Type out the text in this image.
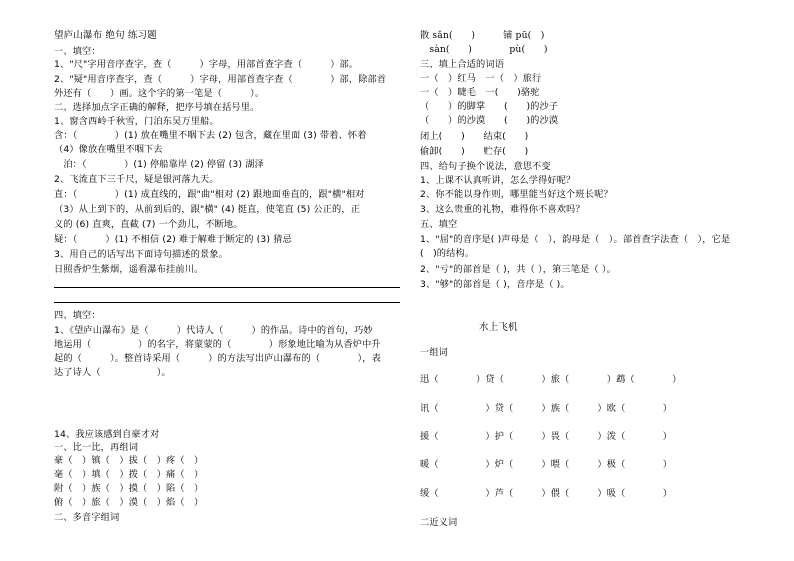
望庐山瀑布 绝句 练习题
一、填空：
1、"尺"字用音序查字，查（　　　）字母，用部首查字查（　　　）部。
2、"疑"用音序查字，查（　　　）字母，用部首查字查（　　　　）部，除部首
外还有（　　）画。这个字的第一笔是（　　　）。
二、选择加点字正确的解释，把序号填在括号里。
1、窗含西岭千秋雪，门泊东吴万里船。
含：（　　　　）(1) 放在嘴里不咽下去 (2) 包含，藏在里面 (3) 带着、怀着
（4）像放在嘴里不咽下去
　泊：（　　　　）(1) 停船靠岸 (2) 停留 (3) 湖泽
2、飞流直下三千尺，疑是银河落九天。
直：（　　　　）(1) 成直线的，跟"曲"相对 (2) 跟地面垂直的，跟"横"相对
（3）从上到下的，从前到后的，跟"横" (4) 挺直，使笔直 (5) 公正的，正
义的 (6) 直爽，直截 (7) 一个劲儿，不断地。
疑：（　　　）(1) 不相信 (2) 难于解难于断定的 (3) 猜忌
3、用自己的话写出下面诗句描述的景象。
日照香炉生紫烟，遥看瀑布挂前川。
四、填空：
1、《望庐山瀑布》是（　　　）代诗人（　　　）的作品。诗中的首句，巧妙
地运用（　　　　　）的名字，将蒙蒙的（　　　　）形象地比喻为从香炉中升
起的（　　　）。整首诗采用（　　　）的方法写出庐山瀑布的（　　　　），表
达了诗人（　　　　　　）。
14、我应该感到自豪才对
一、比一比，再组词
豪（　）镇（　）拔（　）疼（　）
毫（　）填（　）拨（　）痛（　）
附（　）族（　）摸（　）陷（　）
俯（　）旅（　）漠（　）焰（　）
二、多音字组词
散 sǎn(　　)　　　铺 pū(　)
　sàn(　　)　　　　pù(　　)
三、填上合适的词语
一（　）红马　一（　）旅行
一（　）睫毛　一(　　)骆驼
（　　）的脚掌　　(　　)的沙子
（　　）的沙漠　　(　　)的沙漠
闭上(　　)　　结束(　　)
偷卸(　　)　　贮存(　　)
四、给句子换个说法，意思不变
1、上课不认真听讲，怎么学得好呢？
2、你不能以身作则，哪里能当好这个班长呢？
3、这么贵重的礼物，难得你不喜欢吗？
五、填空
1、"屈"的音序是( )声母是（　），韵母是（　）。部首查字法查（　），它是
(　)的结构。
2、"亏"的部首是（ )，共（ ），第三笔是（ ）。
3、"够"的部首是（ )，音序是（ )。
水上飞机
一组词
迅（　　　　）贷（　　　　）旅（　　　　）鹉（　　　　）
讯（　　　　　）贷（　　　）族（　　　）欧（　　　　）
援（　　　　　）护（　　　）畏（　　　）泼（　　　　）
暖（　　　　　）炉（　　　）喂（　　　）极（　　　　）
缓（　　　　　）芦（　　　）偎（　　　）吸（　　　　）
二近义词
